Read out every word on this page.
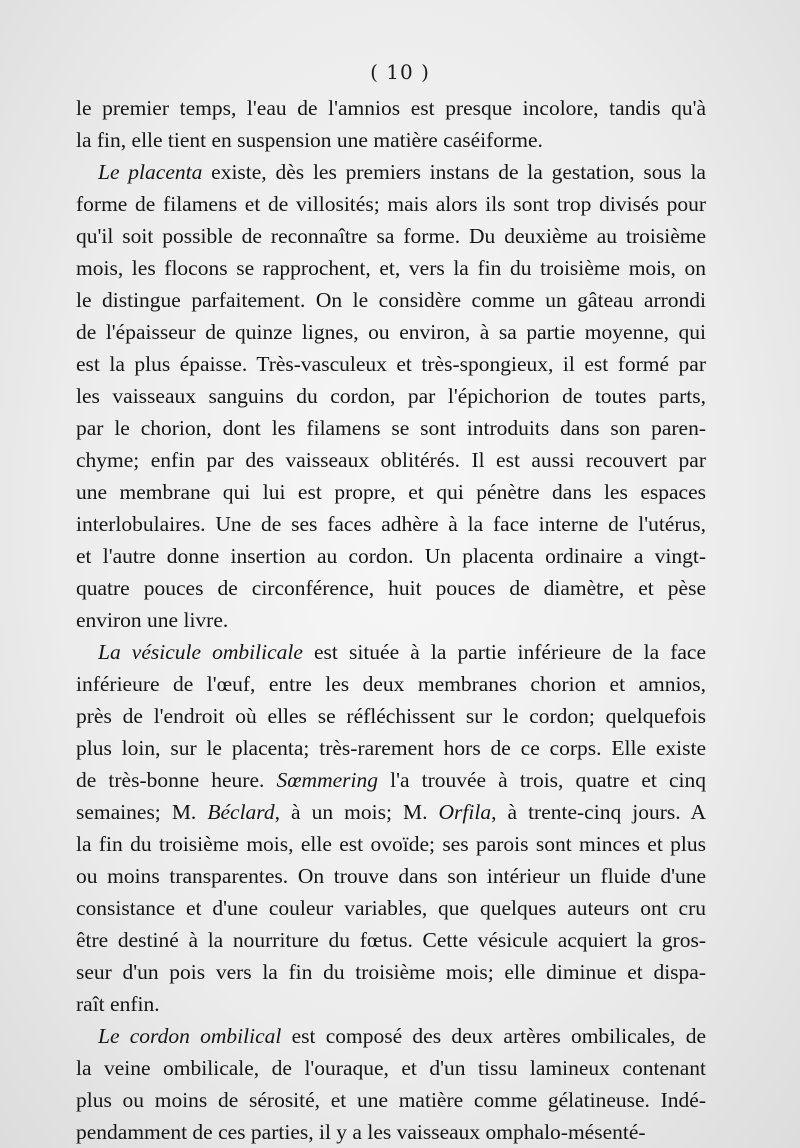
( 10 )
le premier temps, l'eau de l'amnios est presque incolore, tandis qu'à
la fin, elle tient en suspension une matière caséiforme.
Le placenta existe, dès les premiers instans de la gestation, sous la
forme de filamens et de villosités; mais alors ils sont trop divisés pour
qu'il soit possible de reconnaître sa forme. Du deuxième au troisième
mois, les flocons se rapprochent, et, vers la fin du troisième mois, on
le distingue parfaitement. On le considère comme un gâteau arrondi
de l'épaisseur de quinze lignes, ou environ, à sa partie moyenne, qui
est la plus épaisse. Très-vasculeux et très-spongieux, il est formé par
les vaisseaux sanguins du cordon, par l'épichorion de toutes parts,
par le chorion, dont les filamens se sont introduits dans son paren-
chyme; enfin par des vaisseaux oblitérés. Il est aussi recouvert par
une membrane qui lui est propre, et qui pénètre dans les espaces
interlobulaires. Une de ses faces adhère à la face interne de l'utérus,
et l'autre donne insertion au cordon. Un placenta ordinaire a vingt-
quatre pouces de circonférence, huit pouces de diamètre, et pèse
environ une livre.
La vésicule ombilicale est située à la partie inférieure de la face
inférieure de l'œuf, entre les deux membranes chorion et amnios,
près de l'endroit où elles se réfléchissent sur le cordon; quelquefois
plus loin, sur le placenta; très-rarement hors de ce corps. Elle existe
de très-bonne heure. Sœmmering l'a trouvée à trois, quatre et cinq
semaines; M. Béclard, à un mois; M. Orfila, à trente-cinq jours. A
la fin du troisième mois, elle est ovoïde; ses parois sont minces et plus
ou moins transparentes. On trouve dans son intérieur un fluide d'une
consistance et d'une couleur variables, que quelques auteurs ont cru
être destiné à la nourriture du fœtus. Cette vésicule acquiert la gros-
seur d'un pois vers la fin du troisième mois; elle diminue et dispa-
raît enfin.
Le cordon ombilical est composé des deux artères ombilicales, de
la veine ombilicale, de l'ouraque, et d'un tissu lamineux contenant
plus ou moins de sérosité, et une matière comme gélatineuse. Indé-
pendamment de ces parties, il y a les vaisseaux omphalo-mésenté-
